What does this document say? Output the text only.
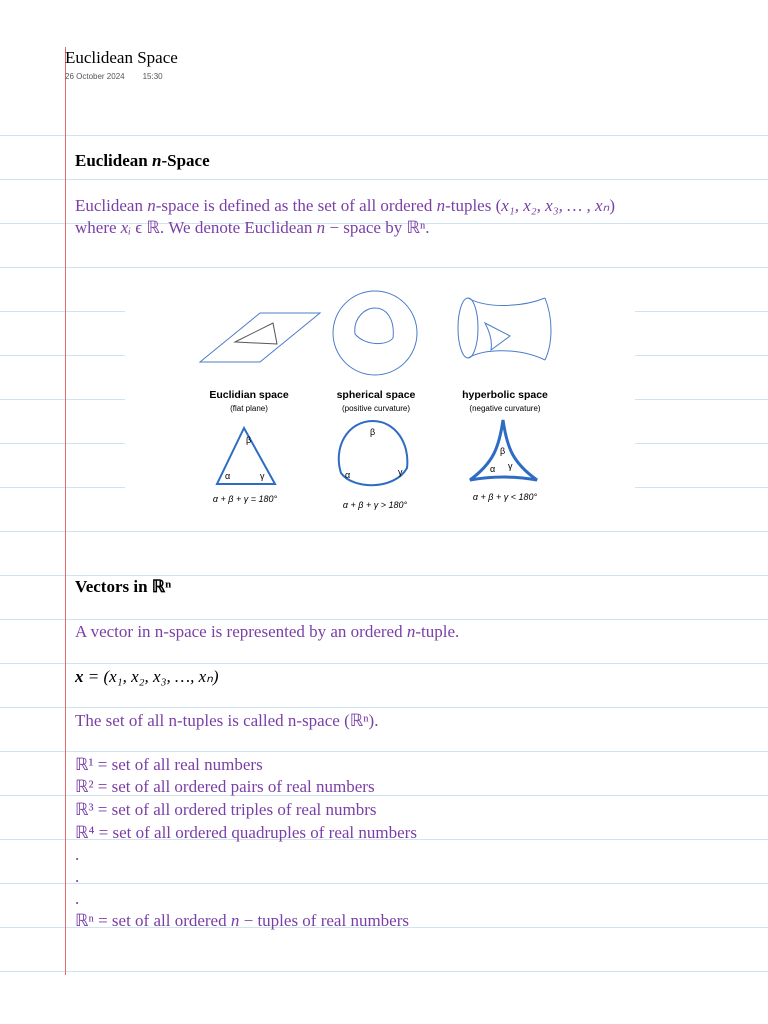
Euclidean Space
26 October 2024 15:30
Euclidean n-Space
Euclidean n-space is defined as the set of all ordered n-tuples (x₁, x₂, x₃, … , xₙ)
where xᵢ ϵ ℝ. We denote Euclidean n − space by ℝⁿ.
Euclidian space
(flat plane)
spherical space
(positive curvature)
hyperbolic space
(negative curvature)
β
α	γ
β
α	γ
β
α γ
α + β + γ = 180°
α + β + γ > 180°
α + β + γ < 180°
Vectors in ℝⁿ
A vector in n-space is represented by an ordered n-tuple.
x = (x₁, x₂, x₃, …, xₙ)
The set of all n-tuples is called n-space (ℝⁿ).
ℝ¹ = set of all real numbers
ℝ² = set of all ordered pairs of real numbers
ℝ³ = set of all ordered triples of real numbrs
ℝ⁴ = set of all ordered quadruples of real numbers
.
.
.
ℝⁿ = set of all ordered n − tuples of real numbers
